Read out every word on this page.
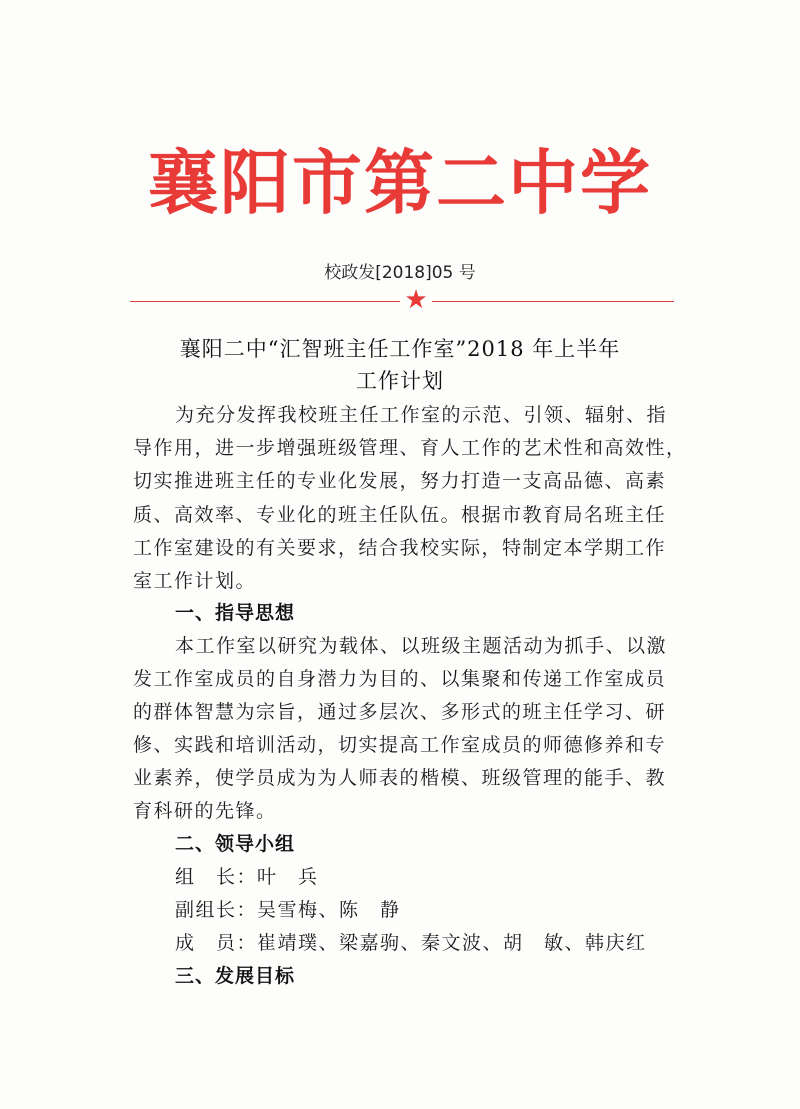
襄阳市第二中学
校政发[2018]05 号
★
襄阳二中“汇智班主任工作室”2018 年上半年
工作计划
为充分发挥我校班主任工作室的示范、引领、辐射、指
导作用，进一步增强班级管理、育人工作的艺术性和高效性，
切实推进班主任的专业化发展，努力打造一支高品德、高素
质、高效率、专业化的班主任队伍。根据市教育局名班主任
工作室建设的有关要求，结合我校实际，特制定本学期工作
室工作计划。
一、指导思想
本工作室以研究为载体、以班级主题活动为抓手、以激
发工作室成员的自身潜力为目的、以集聚和传递工作室成员
的群体智慧为宗旨，通过多层次、多形式的班主任学习、研
修、实践和培训活动，切实提高工作室成员的师德修养和专
业素养，使学员成为为人师表的楷模、班级管理的能手、教
育科研的先锋。
二、领导小组
组　长：叶　兵
副组长：吴雪梅、陈　静
成　员：崔靖璞、梁嘉驹、秦文波、胡　敏、韩庆红
三、发展目标
